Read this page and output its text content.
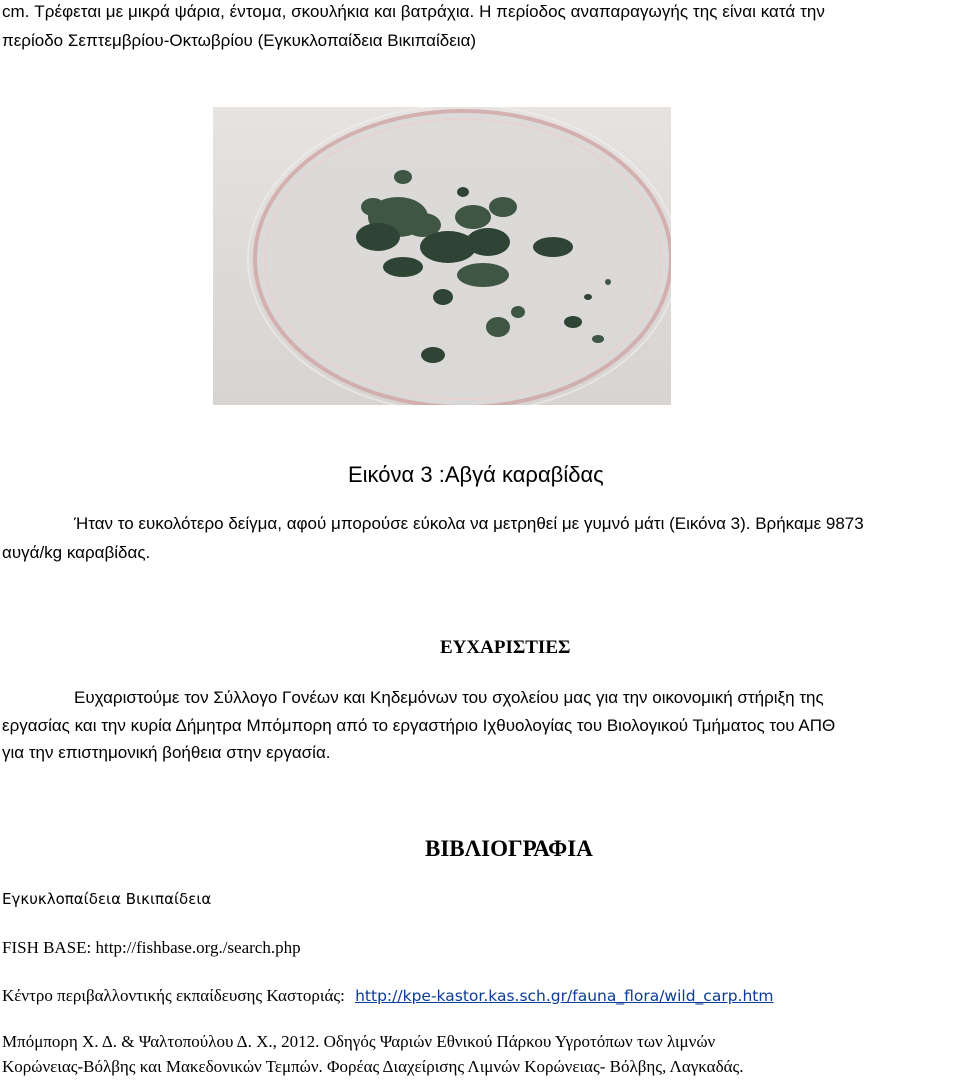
cm. Τρέφεται με μικρά ψάρια, έντομα, σκουλήκια και βατράχια. Η περίοδος αναπαραγωγής της είναι κατά την
περίοδο Σεπτεμβρίου-Οκτωβρίου (Εγκυκλοπαίδεια Βικιπαίδεια)
Εικόνα 3 :Αβγά καραβίδας
Ήταν το ευκολότερο δείγμα, αφού μπορούσε εύκολα να μετρηθεί με γυμνό μάτι (Εικόνα 3). Βρήκαμε 9873
αυγά/kg καραβίδας.
ΕΥΧΑΡΙΣΤΙΕΣ
Ευχαριστούμε τον Σύλλογο Γονέων και Κηδεμόνων του σχολείου μας για την οικονομική στήριξη της
εργασίας και την κυρία Δήμητρα Μπόμπορη από το εργαστήριο Ιχθυολογίας του Βιολογικού Τμήματος του ΑΠΘ
για την επιστημονική βοήθεια στην εργασία.
ΒΙΒΛΙΟΓΡΑΦΙΑ
Εγκυκλοπαίδεια Βικιπαίδεια
FISH BASE: http://fishbase.org./search.php
Κέντρο περιβαλλοντικής εκπαίδευσης Καστοριάς: http://kpe-kastor.kas.sch.gr/fauna_flora/wild_carp.htm
Μπόμπορη Χ. Δ. & Ψαλτοπούλου Δ. Χ., 2012. Οδηγός Ψαριών Εθνικού Πάρκου Υγροτόπων των λιμνών
Κορώνειας-Βόλβης και Μακεδονικών Τεμπών. Φορέας Διαχείρισης Λιμνών Κορώνειας- Βόλβης, Λαγκαδάς.
